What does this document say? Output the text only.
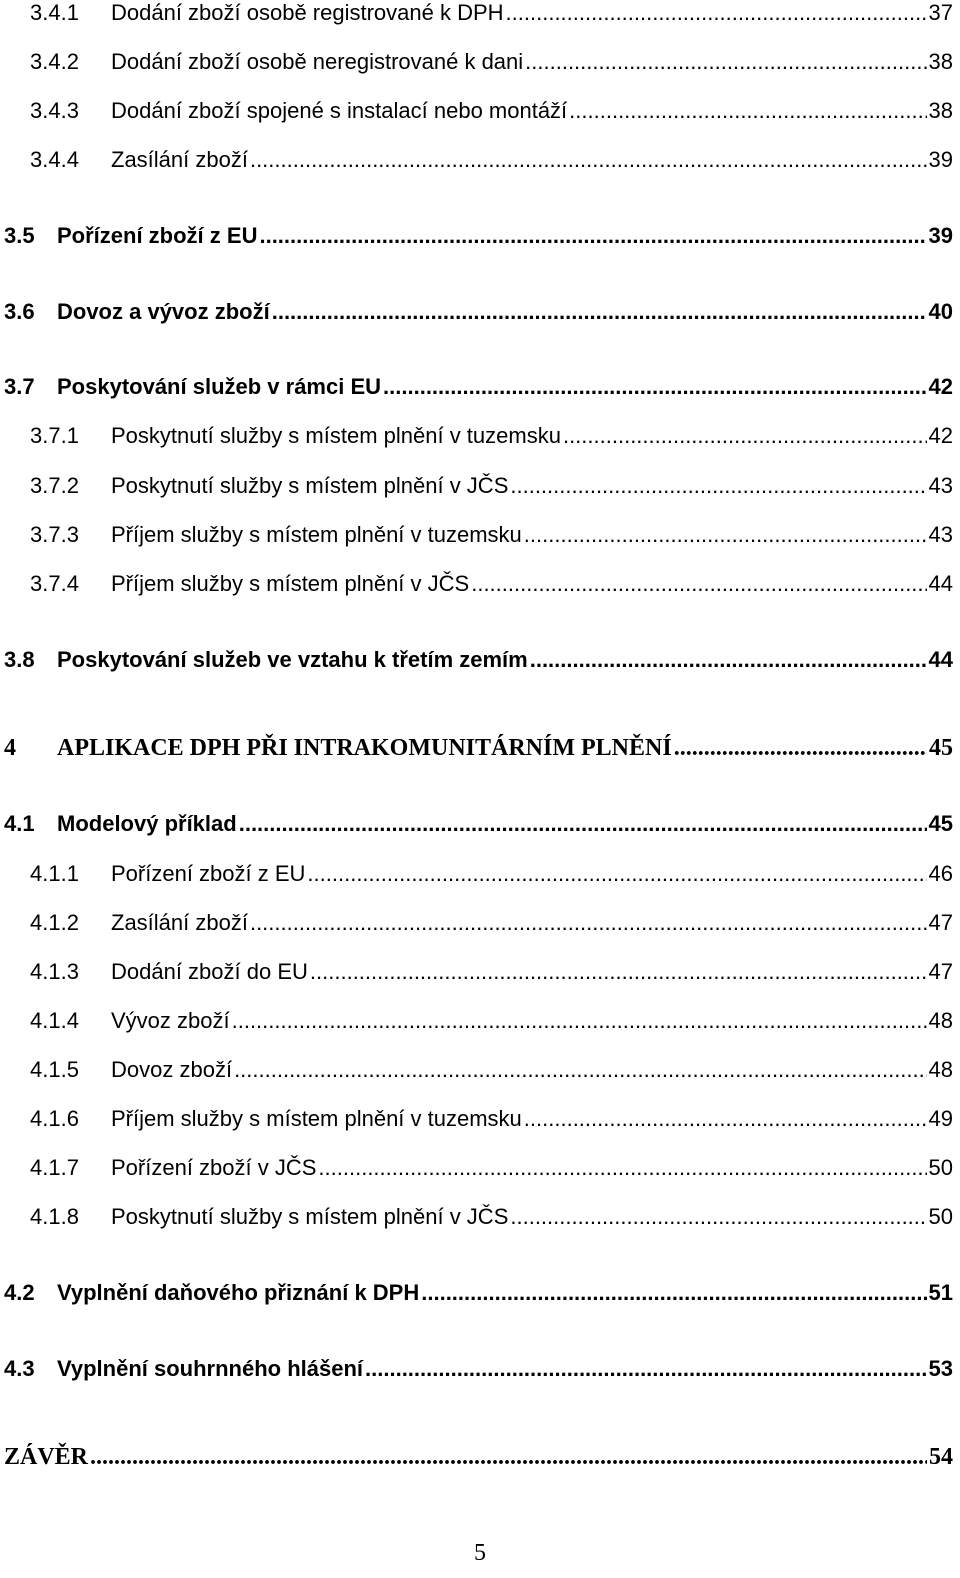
3.4.1	Dodání zboží osobě registrované k DPH .....	37
3.4.2	Dodání zboží osobě neregistrované k dani .....	38
3.4.3	Dodání zboží spojené s instalací nebo montáží .....	38
3.4.4	Zasílání zboží .....	39
3.5	Pořízení zboží z EU .....	39
3.6	Dovoz a vývoz zboží .....	40
3.7	Poskytování služeb v rámci EU .....	42
3.7.1	Poskytnutí služby s místem plnění v tuzemsku .....	42
3.7.2	Poskytnutí služby s místem plnění v JČS .....	43
3.7.3	Příjem služby s místem plnění v tuzemsku .....	43
3.7.4	Příjem služby s místem plnění v JČS .....	44
3.8	Poskytování služeb ve vztahu k třetím zemím .....	44
4	APLIKACE DPH PŘI INTRAKOMUNITÁRNÍM PLNĚNÍ .....	45
4.1	Modelový příklad .....	45
4.1.1	Pořízení zboží z EU .....	46
4.1.2	Zasílání zboží .....	47
4.1.3	Dodání zboží do EU .....	47
4.1.4	Vývoz zboží .....	48
4.1.5	Dovoz zboží .....	48
4.1.6	Příjem služby s místem plnění v tuzemsku .....	49
4.1.7	Pořízení zboží v JČS .....	50
4.1.8	Poskytnutí služby s místem plnění v JČS .....	50
4.2	Vyplnění daňového přiznání k DPH .....	51
4.3	Vyplnění souhrnného hlášení .....	53
ZÁVĚR .....	54
5
